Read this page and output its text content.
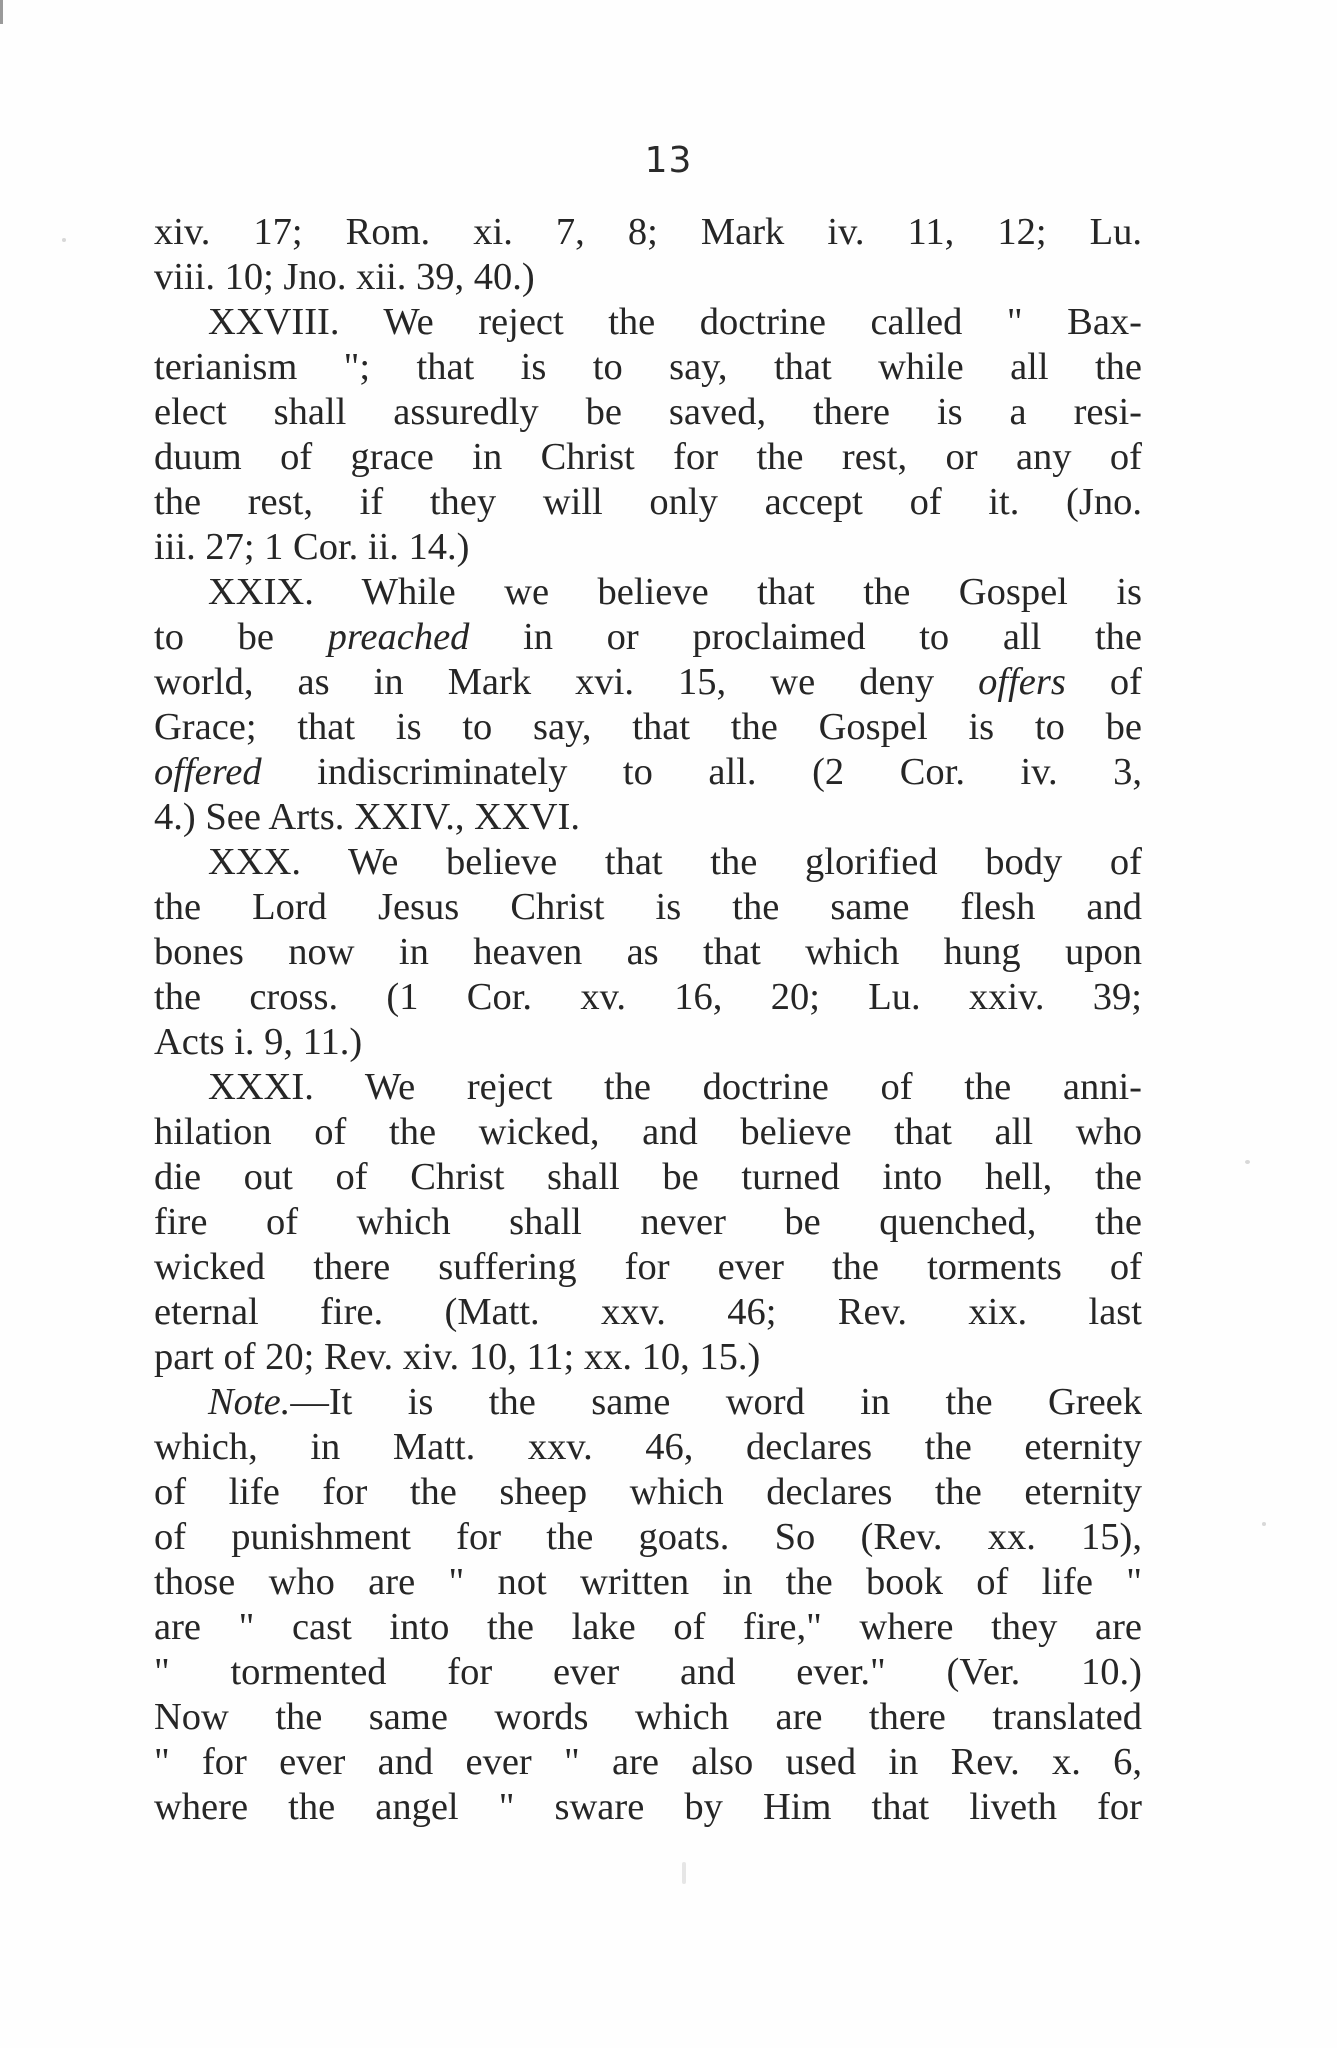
13
xiv. 17; Rom. xi. 7, 8; Mark iv. 11, 12; Lu.
viii. 10; Jno. xii. 39, 40.)
XXVIII. We reject the doctrine called " Bax-
terianism "; that is to say, that while all the
elect shall assuredly be saved, there is a resi-
duum of grace in Christ for the rest, or any of
the rest, if they will only accept of it. (Jno.
iii. 27; 1 Cor. ii. 14.)
XXIX. While we believe that the Gospel is
to be preached in or proclaimed to all the
world, as in Mark xvi. 15, we deny offers of
Grace; that is to say, that the Gospel is to be
offered indiscriminately to all. (2 Cor. iv. 3,
4.) See Arts. XXIV., XXVI.
XXX. We believe that the glorified body of
the Lord Jesus Christ is the same flesh and
bones now in heaven as that which hung upon
the cross. (1 Cor. xv. 16, 20; Lu. xxiv. 39;
Acts i. 9, 11.)
XXXI. We reject the doctrine of the anni-
hilation of the wicked, and believe that all who
die out of Christ shall be turned into hell, the
fire of which shall never be quenched, the
wicked there suffering for ever the torments of
eternal fire. (Matt. xxv. 46; Rev. xix. last
part of 20; Rev. xiv. 10, 11; xx. 10, 15.)
Note.—It is the same word in the Greek
which, in Matt. xxv. 46, declares the eternity
of life for the sheep which declares the eternity
of punishment for the goats. So (Rev. xx. 15),
those who are " not written in the book of life "
are " cast into the lake of fire," where they are
" tormented for ever and ever." (Ver. 10.)
Now the same words which are there translated
" for ever and ever " are also used in Rev. x. 6,
where the angel " sware by Him that liveth for
